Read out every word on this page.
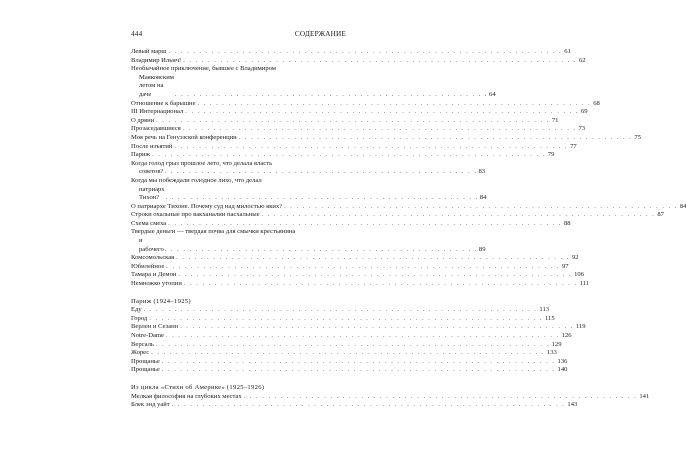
444	СОДЕРЖАНИЕ
Левый марш . . .	61
Владимир Ильич! . . .	62
Необычайное приключение, бывшее с Владимиром
Маяковским летом на даче	. . . . . . . . . . . . . . . . . . . . . . . . . . . . . . . . . . . . . . . . . . . . . . . . . . . 64
Отношение к барышне . . .	68
III Интернационал . . .	69
О дряни . . .	71
Прозаседавшиеся . . .	73
Моя речь на Генуэзской конференции . . .	75
После изъятий . . .	77
Париж . . .	79
Когда голод грыз прошлое лето, что делала власть
советов? . . . . . . . . . . . . . . . . . . . . . . . . . . . . . . . . . . . . . . . . . . . . . . . . . . . 83
Когда мы побеждали голодное лихо, что делал
патриарх Тихон?	. . . . . . . . . . . . . . . . . . . . . . . . . . . . . . . . . . . . . . . . . . . . . . . . . . . 84
О патриархе Тихоне. Почему суд над милостью яких? . . .	84
Строки охальные про вакханалии пасхальные . . .	87
Схема смеха . . .	88
Твердые деньги — твердая почва для смычки крестьянина
и рабочего . . . . . . . . . . . . . . . . . . . . . . . . . . . . . . . . . . . . . . . . . . . . . . . . . . . 89
Комсомольская . . .	92
Юбилейное . . .	97
Тамара и Демон . . .	106
Немножко утопии . . .	111
Париж (1924–1925)
Еду . . .	113
Город . . .	115
Верлен и Сезанн . . .	119
Notre-Dame . . .	126
Версаль . . .	129
Жорес . . .	133
Прощанье . . .	136
Прощанье . . .	140
Из цикла «Стихи об Америке» (1925–1926)
Мелкая философия на глубоких местах . . .	141
Блек энд уайт . . .	143
